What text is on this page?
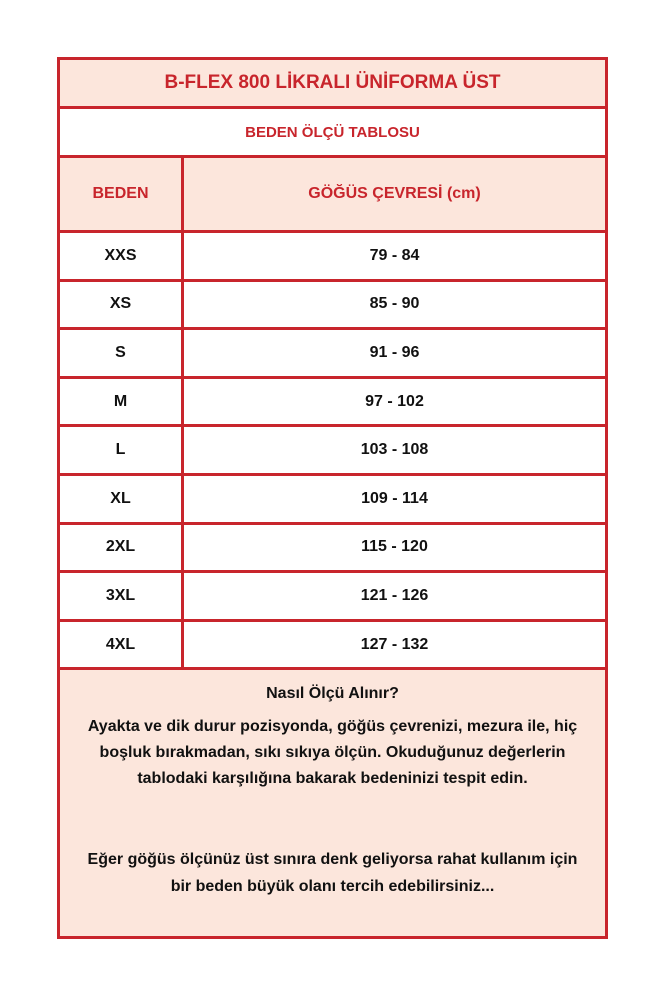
B-FLEX 800 LİKRALI ÜNİFORMA ÜST
BEDEN ÖLÇÜ TABLOSU
BEDEN	GÖĞÜS ÇEVRESİ (cm)
XXS	79 - 84
XS	85 - 90
S	91 - 96
M	97 - 102
L	103 - 108
XL	109 - 114
2XL	115 - 120
3XL	121 - 126
4XL	127 - 132
Nasıl Ölçü Alınır?
Ayakta ve dik durur pozisyonda, göğüs çevrenizi, mezura ile, hiç boşluk bırakmadan, sıkı sıkıya ölçün. Okuduğunuz değerlerin tablodaki karşılığına bakarak bedeninizi tespit edin.
Eğer göğüs ölçünüz üst sınıra denk geliyorsa rahat kullanım için bir beden büyük olanı tercih edebilirsiniz...
